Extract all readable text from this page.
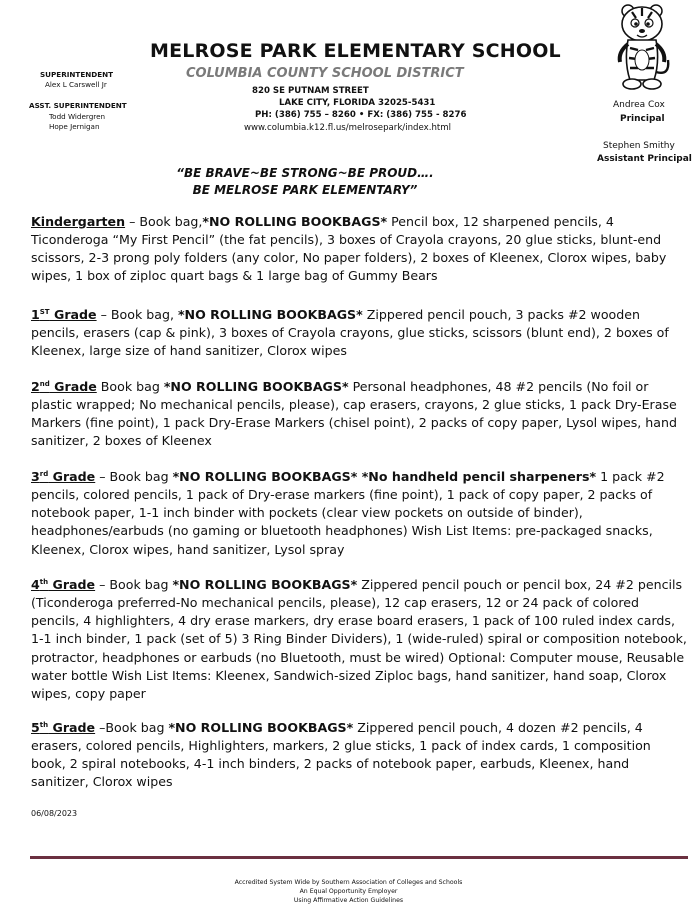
MELROSE PARK ELEMENTARY SCHOOL
COLUMBIA COUNTY SCHOOL DISTRICT
820 SE PUTNAM STREET
LAKE CITY, FLORIDA 32025-5431
PH: (386) 755 – 8260 • FX: (386) 755 - 8276
www.columbia.k12.fl.us/melrosepark/index.html
SUPERINTENDENT
Alex L Carswell Jr
ASST. SUPERINTENDENT
Todd Widergren
Hope Jernigan
Andrea Cox
Principal
Stephen Smithy
Assistant Principal
“BE BRAVE~BE STRONG~BE PROUD….
BE MELROSE PARK ELEMENTARY”
Kindergarten – Book bag,*NO ROLLING BOOKBAGS* Pencil box, 12 sharpened pencils, 4 Ticonderoga “My First Pencil” (the fat pencils), 3 boxes of Crayola crayons, 20 glue sticks, blunt-end scissors, 2-3 prong poly folders (any color, No paper folders), 2 boxes of Kleenex, Clorox wipes, baby wipes, 1 box of ziploc quart bags & 1 large bag of Gummy Bears
1ST Grade – Book bag, *NO ROLLING BOOKBAGS* Zippered pencil pouch, 3 packs #2 wooden pencils, erasers (cap & pink), 3 boxes of Crayola crayons, glue sticks, scissors (blunt end), 2 boxes of Kleenex, large size of hand sanitizer, Clorox wipes
2nd Grade Book bag *NO ROLLING BOOKBAGS* Personal headphones, 48 #2 pencils (No foil or plastic wrapped; No mechanical pencils, please), cap erasers, crayons, 2 glue sticks, 1 pack Dry-Erase Markers (fine point), 1 pack Dry-Erase Markers (chisel point), 2 packs of copy paper, Lysol wipes, hand sanitizer, 2 boxes of Kleenex
3rd Grade – Book bag *NO ROLLING BOOKBAGS* *No handheld pencil sharpeners* 1 pack #2 pencils, colored pencils, 1 pack of Dry-erase markers (fine point), 1 pack of copy paper, 2 packs of notebook paper, 1-1 inch binder with pockets (clear view pockets on outside of binder), headphones/earbuds (no gaming or bluetooth headphones) Wish List Items: pre-packaged snacks, Kleenex, Clorox wipes, hand sanitizer, Lysol spray
4th Grade – Book bag *NO ROLLING BOOKBAGS* Zippered pencil pouch or pencil box, 24 #2 pencils (Ticonderoga preferred-No mechanical pencils, please), 12 cap erasers, 12 or 24 pack of colored pencils, 4 highlighters, 4 dry erase markers, dry erase board erasers, 1 pack of 100 ruled index cards, 1-1 inch binder, 1 pack (set of 5) 3 Ring Binder Dividers), 1 (wide-ruled) spiral or composition notebook, protractor, headphones or earbuds (no Bluetooth, must be wired) Optional: Computer mouse, Reusable water bottle Wish List Items: Kleenex, Sandwich-sized Ziploc bags, hand sanitizer, hand soap, Clorox wipes, copy paper
5th Grade –Book bag *NO ROLLING BOOKBAGS* Zippered pencil pouch, 4 dozen #2 pencils, 4 erasers, colored pencils, Highlighters, markers, 2 glue sticks, 1 pack of index cards, 1 composition book, 2 spiral notebooks, 4-1 inch binders, 2 packs of notebook paper, earbuds, Kleenex, hand sanitizer, Clorox wipes
06/08/2023
Accredited System Wide by Southern Association of Colleges and Schools
An Equal Opportunity Employer
Using Affirmative Action Guidelines
